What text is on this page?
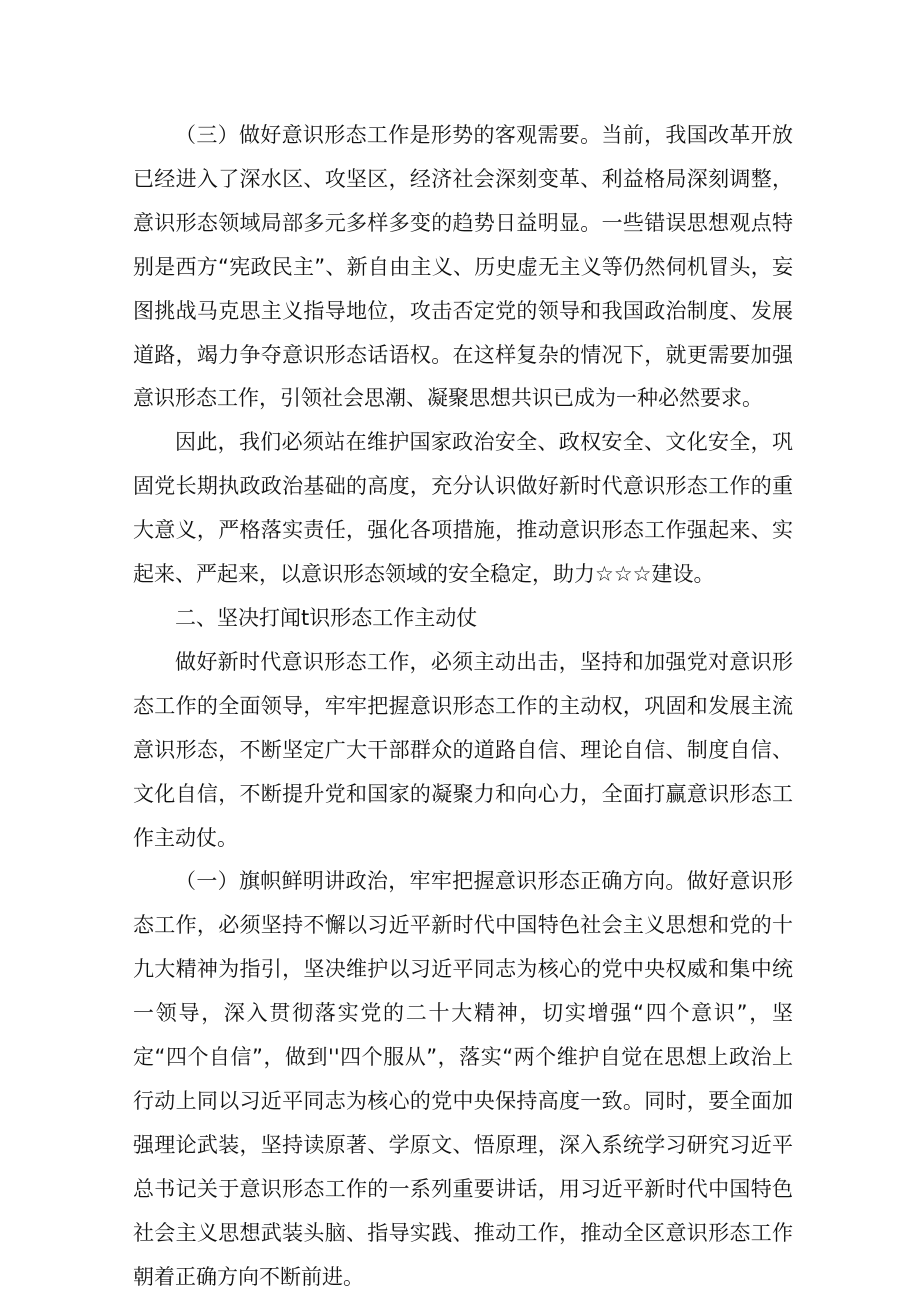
（三）做好意识形态工作是形势的客观需要。当前，我国改革开放已经进入了深水区、攻坚区，经济社会深刻变革、利益格局深刻调整，意识形态领域局部多元多样多变的趋势日益明显。一些错误思想观点特别是西方“宪政民主”、新自由主义、历史虚无主义等仍然伺机冒头，妄图挑战马克思主义指导地位，攻击否定党的领导和我国政治制度、发展道路，竭力争夺意识形态话语权。在这样复杂的情况下，就更需要加强意识形态工作，引领社会思潮、凝聚思想共识已成为一种必然要求。

因此，我们必须站在维护国家政治安全、政权安全、文化安全，巩固党长期执政政治基础的高度，充分认识做好新时代意识形态工作的重大意义，严格落实责任，强化各项措施，推动意识形态工作强起来、实起来、严起来，以意识形态领域的安全稳定，助力☆☆☆建设。

二、坚决打闻t识形态工作主动仗

做好新时代意识形态工作，必须主动出击，坚持和加强党对意识形态工作的全面领导，牢牢把握意识形态工作的主动权，巩固和发展主流意识形态，不断坚定广大干部群众的道路自信、理论自信、制度自信、文化自信，不断提升党和国家的凝聚力和向心力，全面打赢意识形态工作主动仗。

（一）旗帜鲜明讲政治，牢牢把握意识形态正确方向。做好意识形态工作，必须坚持不懈以习近平新时代中国特色社会主义思想和党的十九大精神为指引，坚决维护以习近平同志为核心的党中央权威和集中统一领导，深入贯彻落实党的二十大精神，切实增强“四个意识”，坚定“四个自信”，做到''四个服从”，落实“两个维护自觉在思想上政治上行动上同以习近平同志为核心的党中央保持高度一致。同时，要全面加强理论武装，坚持读原著、学原文、悟原理，深入系统学习研究习近平总书记关于意识形态工作的一系列重要讲话，用习近平新时代中国特色社会主义思想武装头脑、指导实践、推动工作，推动全区意识形态工作朝着正确方向不断前进。
